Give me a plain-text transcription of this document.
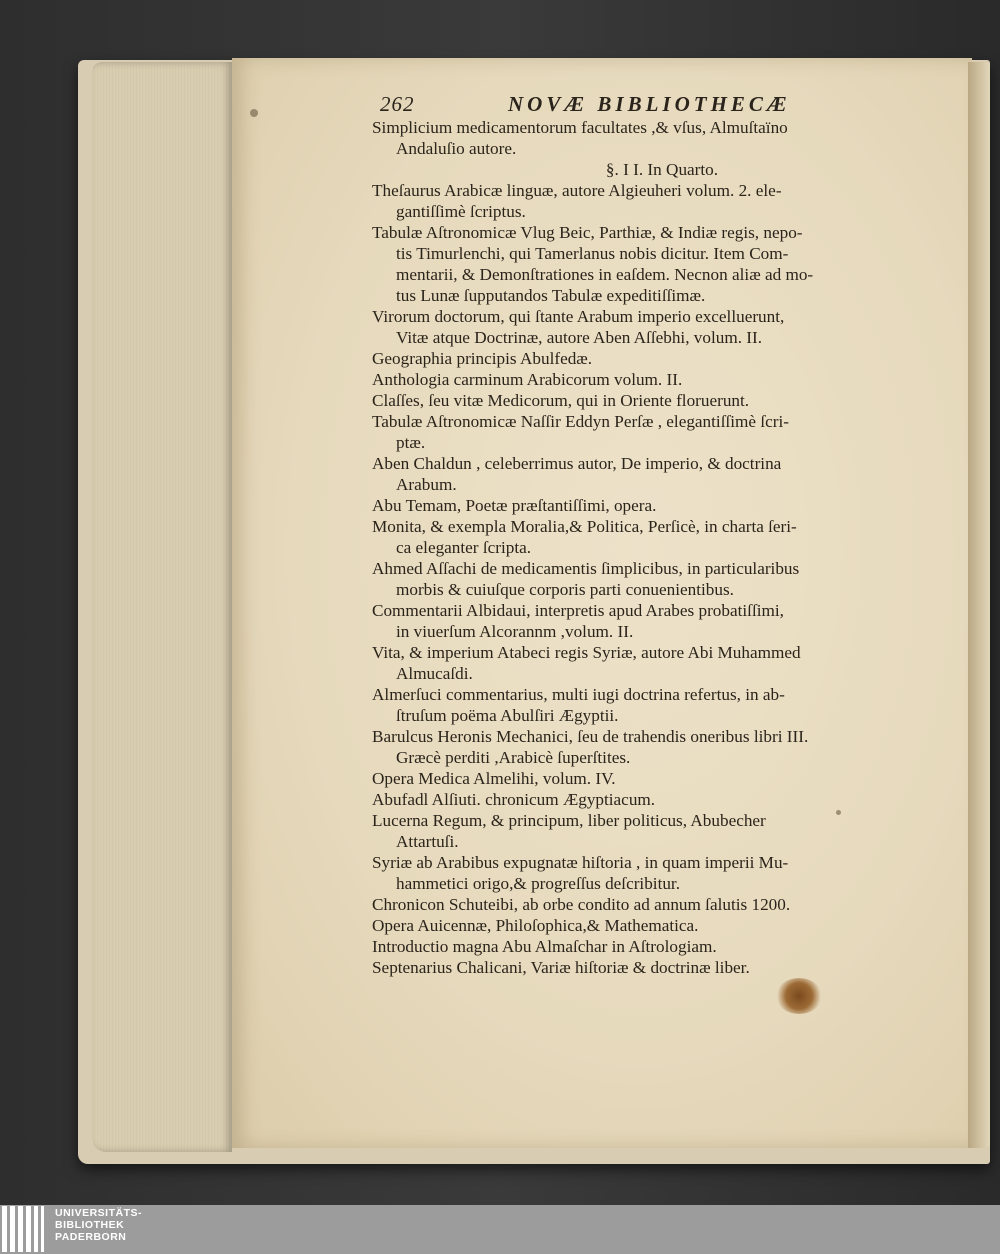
262	NOVÆ BIBLIOTHECÆ
Simplicium medicamentorum facultates ,& vſus, Almuſtaïno
Andaluſio autore.
§. I I. In Quarto.
Theſaurus Arabicæ linguæ, autore Algieuheri volum. 2. ele-
gantiſſimè ſcriptus.
Tabulæ Aſtronomicæ Vlug Beic, Parthiæ, & Indiæ regis, nepo-
tis Timurlenchi, qui Tamerlanus nobis dicitur. Item Com-
mentarii, & Demonſtrationes in eaſdem. Necnon aliæ ad mo-
tus Lunæ ſupputandos Tabulæ expeditiſſimæ.
Virorum doctorum, qui ſtante Arabum imperio excelluerunt,
Vitæ atque Doctrinæ, autore Aben Aſſebhi, volum. II.
Geographia principis Abulfedæ.
Anthologia carminum Arabicorum volum. II.
Claſſes, ſeu vitæ Medicorum, qui in Oriente floruerunt.
Tabulæ Aſtronomicæ Naſſir Eddyn Perſæ , elegantiſſimè ſcri-
ptæ.
Aben Chaldun , celeberrimus autor, De imperio, & doctrina
Arabum.
Abu Temam, Poetæ præſtantiſſimi, opera.
Monita, & exempla Moralia,& Politica, Perſicè, in charta ſeri-
ca eleganter ſcripta.
Ahmed Aſſachi de medicamentis ſimplicibus, in particularibus
morbis & cuiuſque corporis parti conuenientibus.
Commentarii Albidaui, interpretis apud Arabes probatiſſimi,
in viuerſum Alcorannm ,volum. II.
Vita, & imperium Atabeci regis Syriæ, autore Abi Muhammed
Almucaſdi.
Almerſuci commentarius, multi iugi doctrina refertus, in ab-
ſtruſum poëma Abulſiri Ægyptii.
Barulcus Heronis Mechanici, ſeu de trahendis oneribus libri III.
Græcè perditi ,Arabicè ſuperſtites.
Opera Medica Almelihi, volum. IV.
Abufadl Alſiuti. chronicum Ægyptiacum.
Lucerna Regum, & principum, liber politicus, Abubecher
Attartuſi.
Syriæ ab Arabibus expugnatæ hiſtoria , in quam imperii Mu-
hammetici origo,& progreſſus deſcribitur.
Chronicon Schuteibi, ab orbe condito ad annum ſalutis 1200.
Opera Auicennæ, Philoſophica,& Mathematica.
Introductio magna Abu Almaſchar in Aſtrologiam.
Septenarius Chalicani, Variæ hiſtoriæ & doctrinæ liber.
UNIVERSITÄTS-
BIBLIOTHEK
PADERBORN
